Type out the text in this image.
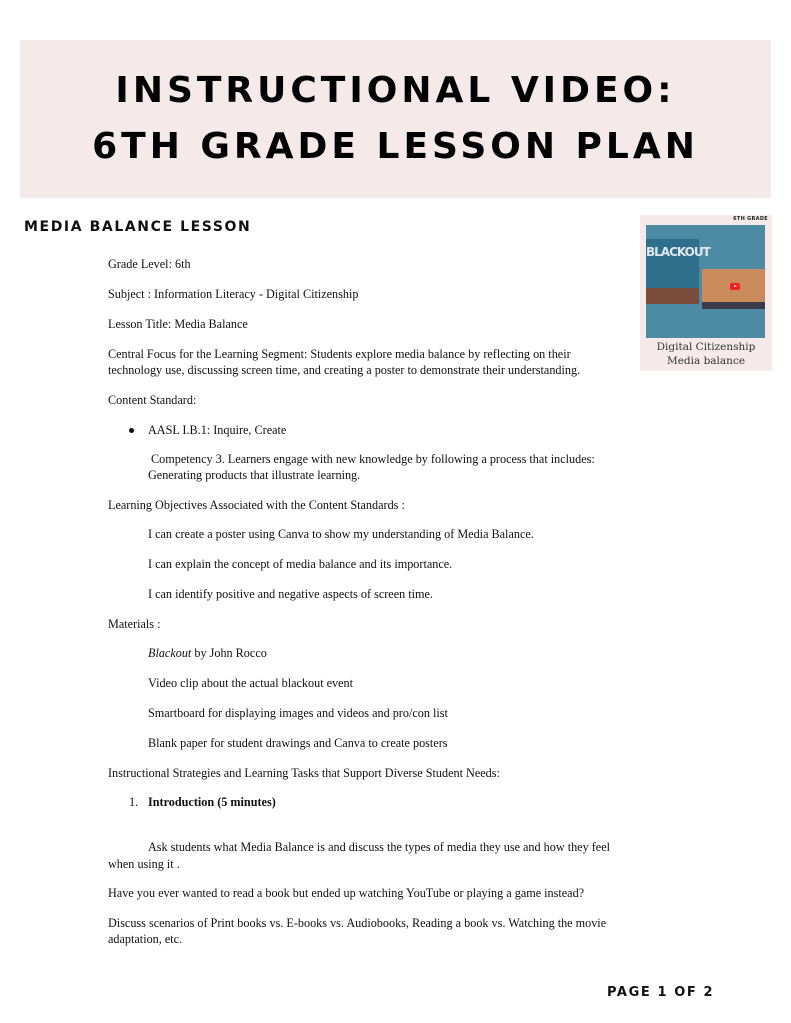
INSTRUCTIONAL VIDEO:
6TH GRADE LESSON PLAN
MEDIA BALANCE LESSON	6TH GRADE
BLACKOUT
Digital Citizenship
Media balance
Grade Level: 6th
Subject : Information Literacy - Digital Citizenship
Lesson Title: Media Balance
Central Focus for the Learning Segment: Students explore media balance by reflecting on their
technology use, discussing screen time, and creating a poster to demonstrate their understanding.
Content Standard:
AASL I.B.1: Inquire, Create
Competency 3. Learners engage with new knowledge by following a process that includes:
Generating products that illustrate learning.
Learning Objectives Associated with the Content Standards :
I can create a poster using Canva to show my understanding of Media Balance.
I can explain the concept of media balance and its importance.
I can identify positive and negative aspects of screen time.
Materials :
Blackout by John Rocco
Video clip about the actual blackout event
Smartboard for displaying images and videos and pro/con list
Blank paper for student drawings and Canva to create posters
Instructional Strategies and Learning Tasks that Support Diverse Student Needs:
1. Introduction (5 minutes)
Ask students what Media Balance is and discuss the types of media they use and how they feel
when using it .
Have you ever wanted to read a book but ended up watching YouTube or playing a game instead?
Discuss scenarios of Print books vs. E-books vs. Audiobooks, Reading a book vs. Watching the movie
adaptation, etc.
PAGE 1 OF 2
